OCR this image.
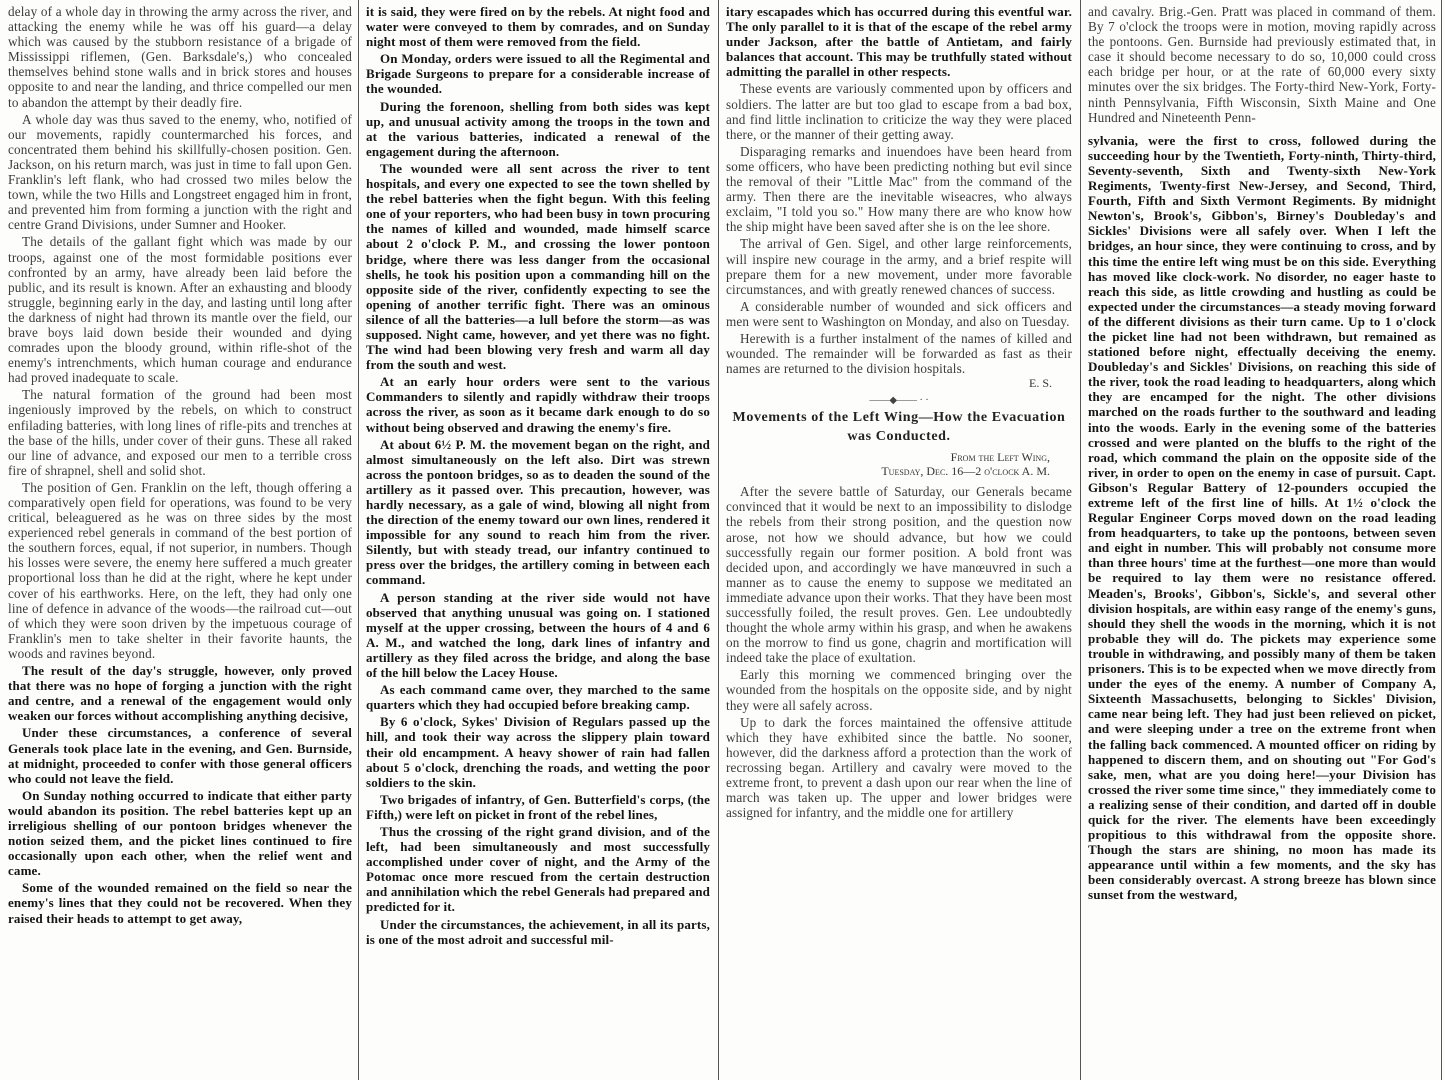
delay of a whole day in throwing the army across the river, and attacking the enemy while he was off his guard—a delay which was caused by the stubborn resistance of a brigade of Mississippi riflemen, (Gen. Barksdale's,) who concealed themselves behind stone walls and in brick stores and houses opposite to and near the landing, and thrice compelled our men to abandon the attempt by their deadly fire.

A whole day was thus saved to the enemy, who, notified of our movements, rapidly countermarched his forces, and concentrated them behind his skillfully-chosen position. Gen. Jackson, on his return march, was just in time to fall upon Gen. Franklin's left flank, who had crossed two miles below the town, while the two Hills and Longstreet engaged him in front, and prevented him from forming a junction with the right and centre Grand Divisions, under Sumner and Hooker.

The details of the gallant fight which was made by our troops, against one of the most formidable positions ever confronted by an army, have already been laid before the public, and its result is known. After an exhausting and bloody struggle, beginning early in the day, and lasting until long after the darkness of night had thrown its mantle over the field, our brave boys laid down beside their wounded and dying comrades upon the bloody ground, within rifle-shot of the enemy's intrenchments, which human courage and endurance had proved inadequate to scale.

The natural formation of the ground had been most ingeniously improved by the rebels, on which to construct enfilading batteries, with long lines of rifle-pits and trenches at the base of the hills, under cover of their guns. These all raked our line of advance, and exposed our men to a terrible cross fire of shrapnel, shell and solid shot.

The position of Gen. Franklin on the left, though offering a comparatively open field for operations, was found to be very critical, beleaguered as he was on three sides by the most experienced rebel generals in command of the best portion of the southern forces, equal, if not superior, in numbers. Though his losses were severe, the enemy here suffered a much greater proportional loss than he did at the right, where he kept under cover of his earthworks. Here, on the left, they had only one line of defence in advance of the woods—the railroad cut—out of which they were soon driven by the impetuous courage of Franklin's men to take shelter in their favorite haunts, the woods and ravines beyond.

The result of the day's struggle, however, only proved that there was no hope of forging a junction with the right and centre, and a renewal of the engagement would only weaken our forces without accomplishing anything decisive,

Under these circumstances, a conference of several Generals took place late in the evening, and Gen. Burnside, at midnight, proceeded to confer with those general officers who could not leave the field.

On Sunday nothing occurred to indicate that either party would abandon its position. The rebel batteries kept up an irreligious shelling of our pontoon bridges whenever the notion seized them, and the picket lines continued to fire occasionally upon each other, when the relief went and came.

Some of the wounded remained on the field so near the enemy's lines that they could not be recovered. When they raised their heads to attempt to get away,

it is said, they were fired on by the rebels. At night food and water were conveyed to them by comrades, and on Sunday night most of them were removed from the field.

On Monday, orders were issued to all the Regimental and Brigade Surgeons to prepare for a considerable increase of the wounded.

During the forenoon, shelling from both sides was kept up, and unusual activity among the troops in the town and at the various batteries, indicated a renewal of the engagement during the afternoon.

The wounded were all sent across the river to tent hospitals, and every one expected to see the town shelled by the rebel batteries when the fight begun. With this feeling one of your reporters, who had been busy in town procuring the names of killed and wounded, made himself scarce about 2 o'clock P. M., and crossing the lower pontoon bridge, where there was less danger from the occasional shells, he took his position upon a commanding hill on the opposite side of the river, confidently expecting to see the opening of another terrific fight. There was an ominous silence of all the batteries—a lull before the storm—as was supposed. Night came, however, and yet there was no fight. The wind had been blowing very fresh and warm all day from the south and west.

At an early hour orders were sent to the various Commanders to silently and rapidly withdraw their troops across the river, as soon as it became dark enough to do so without being observed and drawing the enemy's fire.

At about 6½ P. M. the movement began on the right, and almost simultaneously on the left also. Dirt was strewn across the pontoon bridges, so as to deaden the sound of the artillery as it passed over. This precaution, however, was hardly necessary, as a gale of wind, blowing all night from the direction of the enemy toward our own lines, rendered it impossible for any sound to reach him from the river. Silently, but with steady tread, our infantry continued to press over the bridges, the artillery coming in between each command.

A person standing at the river side would not have observed that anything unusual was going on. I stationed myself at the upper crossing, between the hours of 4 and 6 A. M., and watched the long, dark lines of infantry and artillery as they filed across the bridge, and along the base of the hill below the Lacey House.

As each command came over, they marched to the same quarters which they had occupied before breaking camp.

By 6 o'clock, Sykes' Division of Regulars passed up the hill, and took their way across the slippery plain toward their old encampment. A heavy shower of rain had fallen about 5 o'clock, drenching the roads, and wetting the poor soldiers to the skin.

Two brigades of infantry, of Gen. Butterfield's corps, (the Fifth,) were left on picket in front of the rebel lines,

Thus the crossing of the right grand division, and of the left, had been simultaneously and most successfully accomplished under cover of night, and the Army of the Potomac once more rescued from the certain destruction and annihilation which the rebel Generals had prepared and predicted for it.

Under the circumstances, the achievement, in all its parts, is one of the most adroit and successful mil-

itary escapades which has occurred during this eventful war. The only parallel to it is that of the escape of the rebel army under Jackson, after the battle of Antietam, and fairly balances that account. This may be truthfully stated without admitting the parallel in other respects.

These events are variously commented upon by officers and soldiers. The latter are but too glad to escape from a bad box, and find little inclination to criticize the way they were placed there, or the manner of their getting away.

Disparaging remarks and inuendoes have been heard from some officers, who have been predicting nothing but evil since the removal of their "Little Mac" from the command of the army. Then there are the inevitable wiseacres, who always exclaim, "I told you so." How many there are who know how the ship might have been saved after she is on the lee shore.

The arrival of Gen. Sigel, and other large reinforcements, will inspire new courage in the army, and a brief respite will prepare them for a new movement, under more favorable circumstances, and with greatly renewed chances of success.

A considerable number of wounded and sick officers and men were sent to Washington on Monday, and also on Tuesday.

Herewith is a further instalment of the names of killed and wounded. The remainder will be forwarded as fast as their names are returned to the division hospitals.

E. S.

——◆—— · ·
Movements of the Left Wing—How the Evacuation was Conducted.
From the Left Wing,
Tuesday, Dec. 16—2 o'clock A. M.

After the severe battle of Saturday, our Generals became convinced that it would be next to an impossibility to dislodge the rebels from their strong position, and the question now arose, not how we should advance, but how we could successfully regain our former position. A bold front was decided upon, and accordingly we have manœuvred in such a manner as to cause the enemy to suppose we meditated an immediate advance upon their works. That they have been most successfully foiled, the result proves. Gen. Lee undoubtedly thought the whole army within his grasp, and when he awakens on the morrow to find us gone, chagrin and mortification will indeed take the place of exultation.

Early this morning we commenced bringing over the wounded from the hospitals on the opposite side, and by night they were all safely across.

Up to dark the forces maintained the offensive attitude which they have exhibited since the battle. No sooner, however, did the darkness afford a protection than the work of recrossing began. Artillery and cavalry were moved to the extreme front, to prevent a dash upon our rear when the line of march was taken up. The upper and lower bridges were assigned for infantry, and the middle one for artillery

and cavalry. Brig.-Gen. Pratt was placed in command of them. By 7 o'clock the troops were in motion, moving rapidly across the pontoons. Gen. Burnside had previously estimated that, in case it should become necessary to do so, 10,000 could cross each bridge per hour, or at the rate of 60,000 every sixty minutes over the six bridges. The Forty-third New-York, Forty-ninth Pennsylvania, Fifth Wisconsin, Sixth Maine and One Hundred and Nineteenth Penn-

sylvania, were the first to cross, followed during the succeeding hour by the Twentieth, Forty-ninth, Thirty-third, Seventy-seventh, Sixth and Twenty-sixth New-York Regiments, Twenty-first New-Jersey, and Second, Third, Fourth, Fifth and Sixth Vermont Regiments. By midnight Newton's, Brook's, Gibbon's, Birney's Doubleday's and Sickles' Divisions were all safely over. When I left the bridges, an hour since, they were continuing to cross, and by this time the entire left wing must be on this side. Everything has moved like clock-work. No disorder, no eager haste to reach this side, as little crowding and hustling as could be expected under the circumstances—a steady moving forward of the different divisions as their turn came. Up to 1 o'clock the picket line had not been withdrawn, but remained as stationed before night, effectually deceiving the enemy. Doubleday's and Sickles' Divisions, on reaching this side of the river, took the road leading to headquarters, along which they are encamped for the night. The other divisions marched on the roads further to the southward and leading into the woods. Early in the evening some of the batteries crossed and were planted on the bluffs to the right of the road, which command the plain on the opposite side of the river, in order to open on the enemy in case of pursuit. Capt. Gibson's Regular Battery of 12-pounders occupied the extreme left of the first line of hills. At 1½ o'clock the Regular Engineer Corps moved down on the road leading from headquarters, to take up the pontoons, between seven and eight in number. This will probably not consume more than three hours' time at the furthest—one more than would be required to lay them were no resistance offered. Meaden's, Brooks', Gibbon's, Sickle's, and several other division hospitals, are within easy range of the enemy's guns, should they shell the woods in the morning, which it is not probable they will do. The pickets may experience some trouble in withdrawing, and possibly many of them be taken prisoners. This is to be expected when we move directly from under the eyes of the enemy. A number of Company A, Sixteenth Massachusetts, belonging to Sickles' Division, came near being left. They had just been relieved on picket, and were sleeping under a tree on the extreme front when the falling back commenced. A mounted officer on riding by happened to discern them, and on shouting out "For God's sake, men, what are you doing here!—your Division has crossed the river some time since," they immediately come to a realizing sense of their condition, and darted off in double quick for the river. The elements have been exceedingly propitious to this withdrawal from the opposite shore. Though the stars are shining, no moon has made its appearance until within a few moments, and the sky has been considerably overcast. A strong breeze has blown since sunset from the westward,
